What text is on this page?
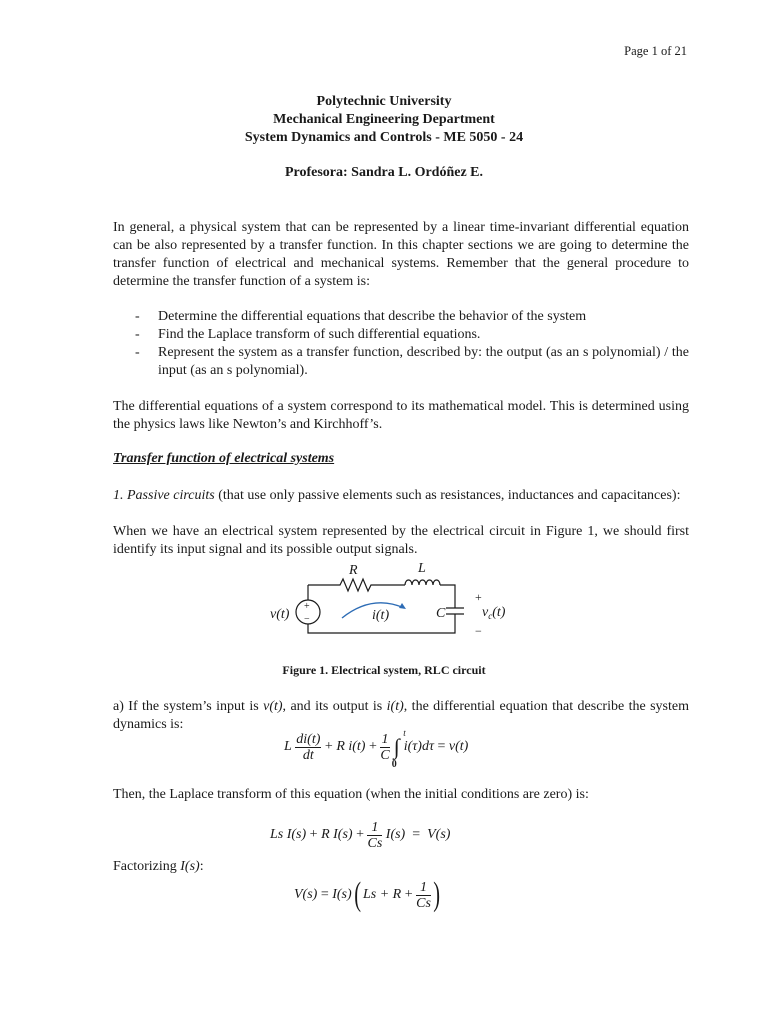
Page 1 of 21
Polytechnic University
Mechanical Engineering Department
System Dynamics and Controls - ME 5050 - 24
Profesora: Sandra L. Ordóñez E.
In general, a physical system that can be represented by a linear time-invariant differential equation can be also represented by a transfer function. In this chapter sections we are going to determine the transfer function of electrical and mechanical systems. Remember that the general procedure to determine the transfer function of a system is:
- Determine the differential equations that describe the behavior of the system
- Find the Laplace transform of such differential equations.
- Represent the system as a transfer function, described by: the output (as an s polynomial) / the input (as an s polynomial).
The differential equations of a system correspond to its mathematical model. This is determined using the physics laws like Newton’s and Kirchhoff’s.
Transfer function of electrical systems
1. Passive circuits (that use only passive elements such as resistances, inductances and capacitances):
When we have an electrical system represented by the electrical circuit in Figure 1, we should first identify its input signal and its possible output signals.
R	L
C
v(t)	i(t)	$v_c(t)$
+
−
+
−
Figure 1. Electrical system, RLC circuit
a) If the system’s input is v(t), and its output is i(t), the differential equation that describe the system dynamics is:
L
$\frac{di(t)}{dt}$
+
R i(t)
+
$\frac{1}{C}$ ∫
t
0
i(τ)dτ
=
v(t)
Then, the Laplace transform of this equation (when the initial conditions are zero) is:
Ls I(s)
+
R I(s)
+
$\frac{1}{Cs}$
I(s)
=
V(s)
Factorizing I(s):
V(s)
=
I(s) ( Ls + R
+
$\frac{1}{Cs}$ )
